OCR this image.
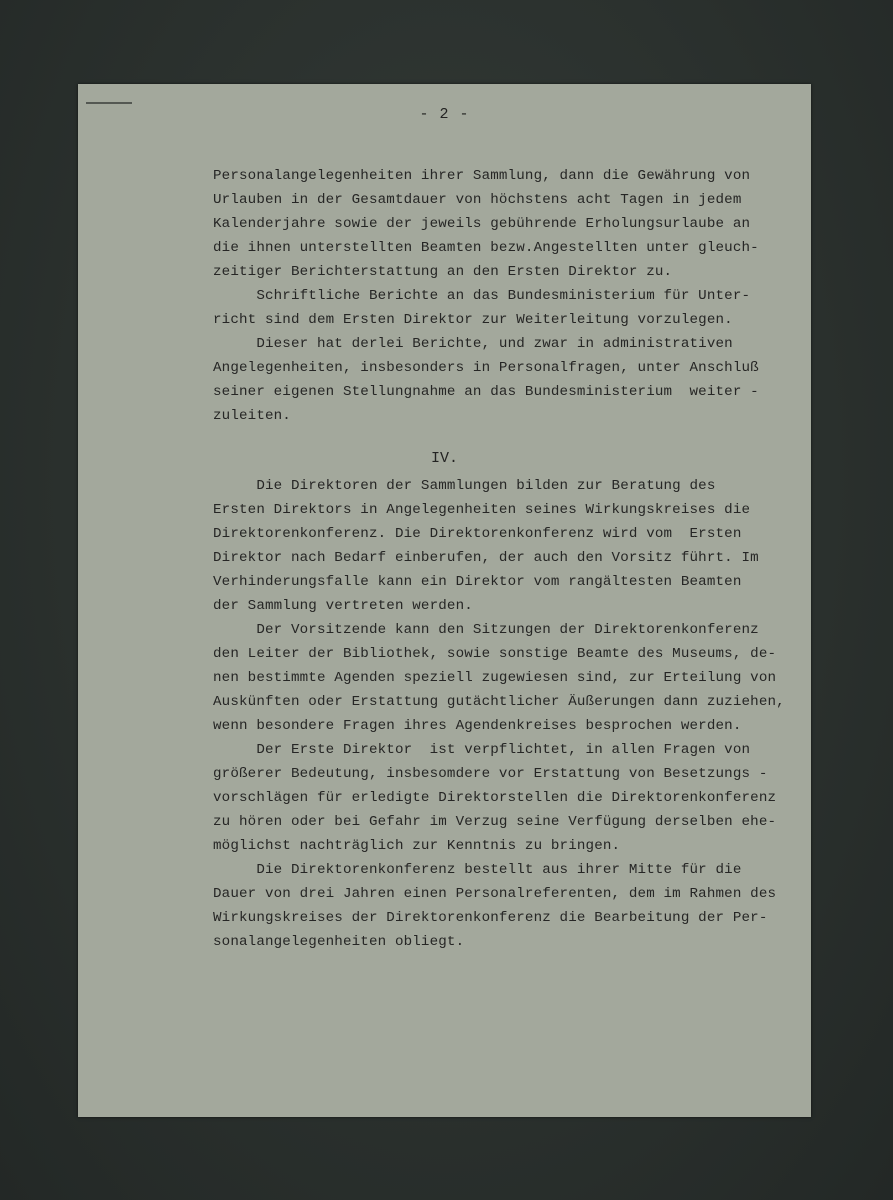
- 2 -
Personalangelegenheiten ihrer Sammlung, dann die Gewährung von
Urlauben in der Gesamtdauer von höchstens acht Tagen in jedem
Kalenderjahre sowie der jeweils gebührende Erholungsurlaube an
die ihnen unterstellten Beamten bezw.Angestellten unter gleuch-
zeitiger Berichterstattung an den Ersten Direktor zu.
Schriftliche Berichte an das Bundesministerium für Unter-
richt sind dem Ersten Direktor zur Weiterleitung vorzulegen.
Dieser hat derlei Berichte, und zwar in administrativen
Angelegenheiten, insbesonders in Personalfragen, unter Anschluß
seiner eigenen Stellungnahme an das Bundesministerium  weiter -
zuleiten.
IV.
Die Direktoren der Sammlungen bilden zur Beratung des
Ersten Direktors in Angelegenheiten seines Wirkungskreises die
Direktorenkonferenz. Die Direktorenkonferenz wird vom  Ersten
Direktor nach Bedarf einberufen, der auch den Vorsitz führt. Im
Verhinderungsfalle kann ein Direktor vom rangältesten Beamten
der Sammlung vertreten werden.
Der Vorsitzende kann den Sitzungen der Direktorenkonferenz
den Leiter der Bibliothek, sowie sonstige Beamte des Museums, de-
nen bestimmte Agenden speziell zugewiesen sind, zur Erteilung von
Auskünften oder Erstattung gutächtlicher Äußerungen dann zuziehen,
wenn besondere Fragen ihres Agendenkreises besprochen werden.
Der Erste Direktor  ist verpflichtet, in allen Fragen von
größerer Bedeutung, insbesomdere vor Erstattung von Besetzungs -
vorschlägen für erledigte Direktorstellen die Direktorenkonferenz
zu hören oder bei Gefahr im Verzug seine Verfügung derselben ehe-
möglichst nachträglich zur Kenntnis zu bringen.
Die Direktorenkonferenz bestellt aus ihrer Mitte für die
Dauer von drei Jahren einen Personalreferenten, dem im Rahmen des
Wirkungskreises der Direktorenkonferenz die Bearbeitung der Per-
sonalangelegenheiten obliegt.
